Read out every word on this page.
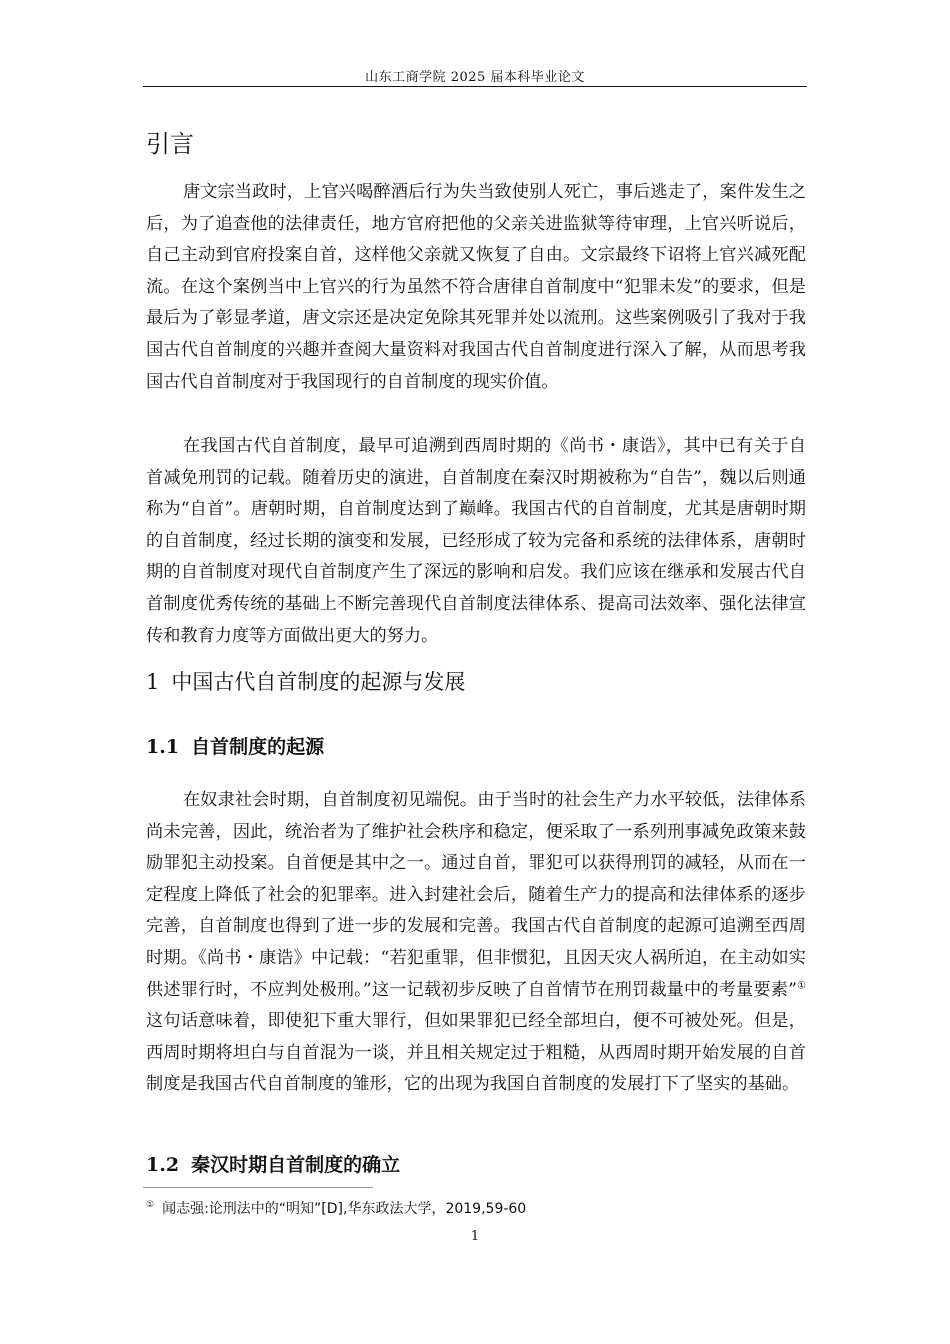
山东工商学院 2025 届本科毕业论文
引言

唐文宗当政时，上官兴喝醉酒后行为失当致使别人死亡，事后逃走了，案件发生之后，为了追查他的法律责任，地方官府把他的父亲关进监狱等待审理，上官兴听说后，自己主动到官府投案自首，这样他父亲就又恢复了自由。文宗最终下诏将上官兴减死配流。在这个案例当中上官兴的行为虽然不符合唐律自首制度中“犯罪未发”的要求，但是最后为了彰显孝道，唐文宗还是决定免除其死罪并处以流刑。这些案例吸引了我对于我国古代自首制度的兴趣并查阅大量资料对我国古代自首制度进行深入了解，从而思考我国古代自首制度对于我国现行的自首制度的现实价值。

在我国古代自首制度，最早可追溯到西周时期的《尚书・康诰》，其中已有关于自首减免刑罚的记载。随着历史的演进，自首制度在秦汉时期被称为“自告”，魏以后则通称为“自首”。唐朝时期，自首制度达到了巅峰。我国古代的自首制度，尤其是唐朝时期的自首制度，经过长期的演变和发展，已经形成了较为完备和系统的法律体系，唐朝时期的自首制度对现代自首制度产生了深远的影响和启发。我们应该在继承和发展古代自首制度优秀传统的基础上不断完善现代自首制度法律体系、提高司法效率、强化法律宣传和教育力度等方面做出更大的努力。

1 中国古代自首制度的起源与发展
1.1 自首制度的起源

在奴隶社会时期，自首制度初见端倪。由于当时的社会生产力水平较低，法律体系尚未完善，因此，统治者为了维护社会秩序和稳定，便采取了一系列刑事减免政策来鼓励罪犯主动投案。自首便是其中之一。通过自首，罪犯可以获得刑罚的减轻，从而在一定程度上降低了社会的犯罪率。进入封建社会后，随着生产力的提高和法律体系的逐步完善，自首制度也得到了进一步的发展和完善。我国古代自首制度的起源可追溯至西周时期。《尚书・康诰》中记载：“若犯重罪，但非惯犯，且因天灾人祸所迫，在主动如实供述罪行时，不应判处极刑。”这一记载初步反映了自首情节在刑罚裁量中的考量要素”①这句话意味着，即使犯下重大罪行，但如果罪犯已经全部坦白，便不可被处死。但是，西周时期将坦白与自首混为一谈，并且相关规定过于粗糙，从西周时期开始发展的自首制度是我国古代自首制度的雏形，它的出现为我国自首制度的发展打下了坚实的基础。

1.2 秦汉时期自首制度的确立
① 闻志强:论刑法中的“明知”[D],华东政法大学，2019,59-60
1
